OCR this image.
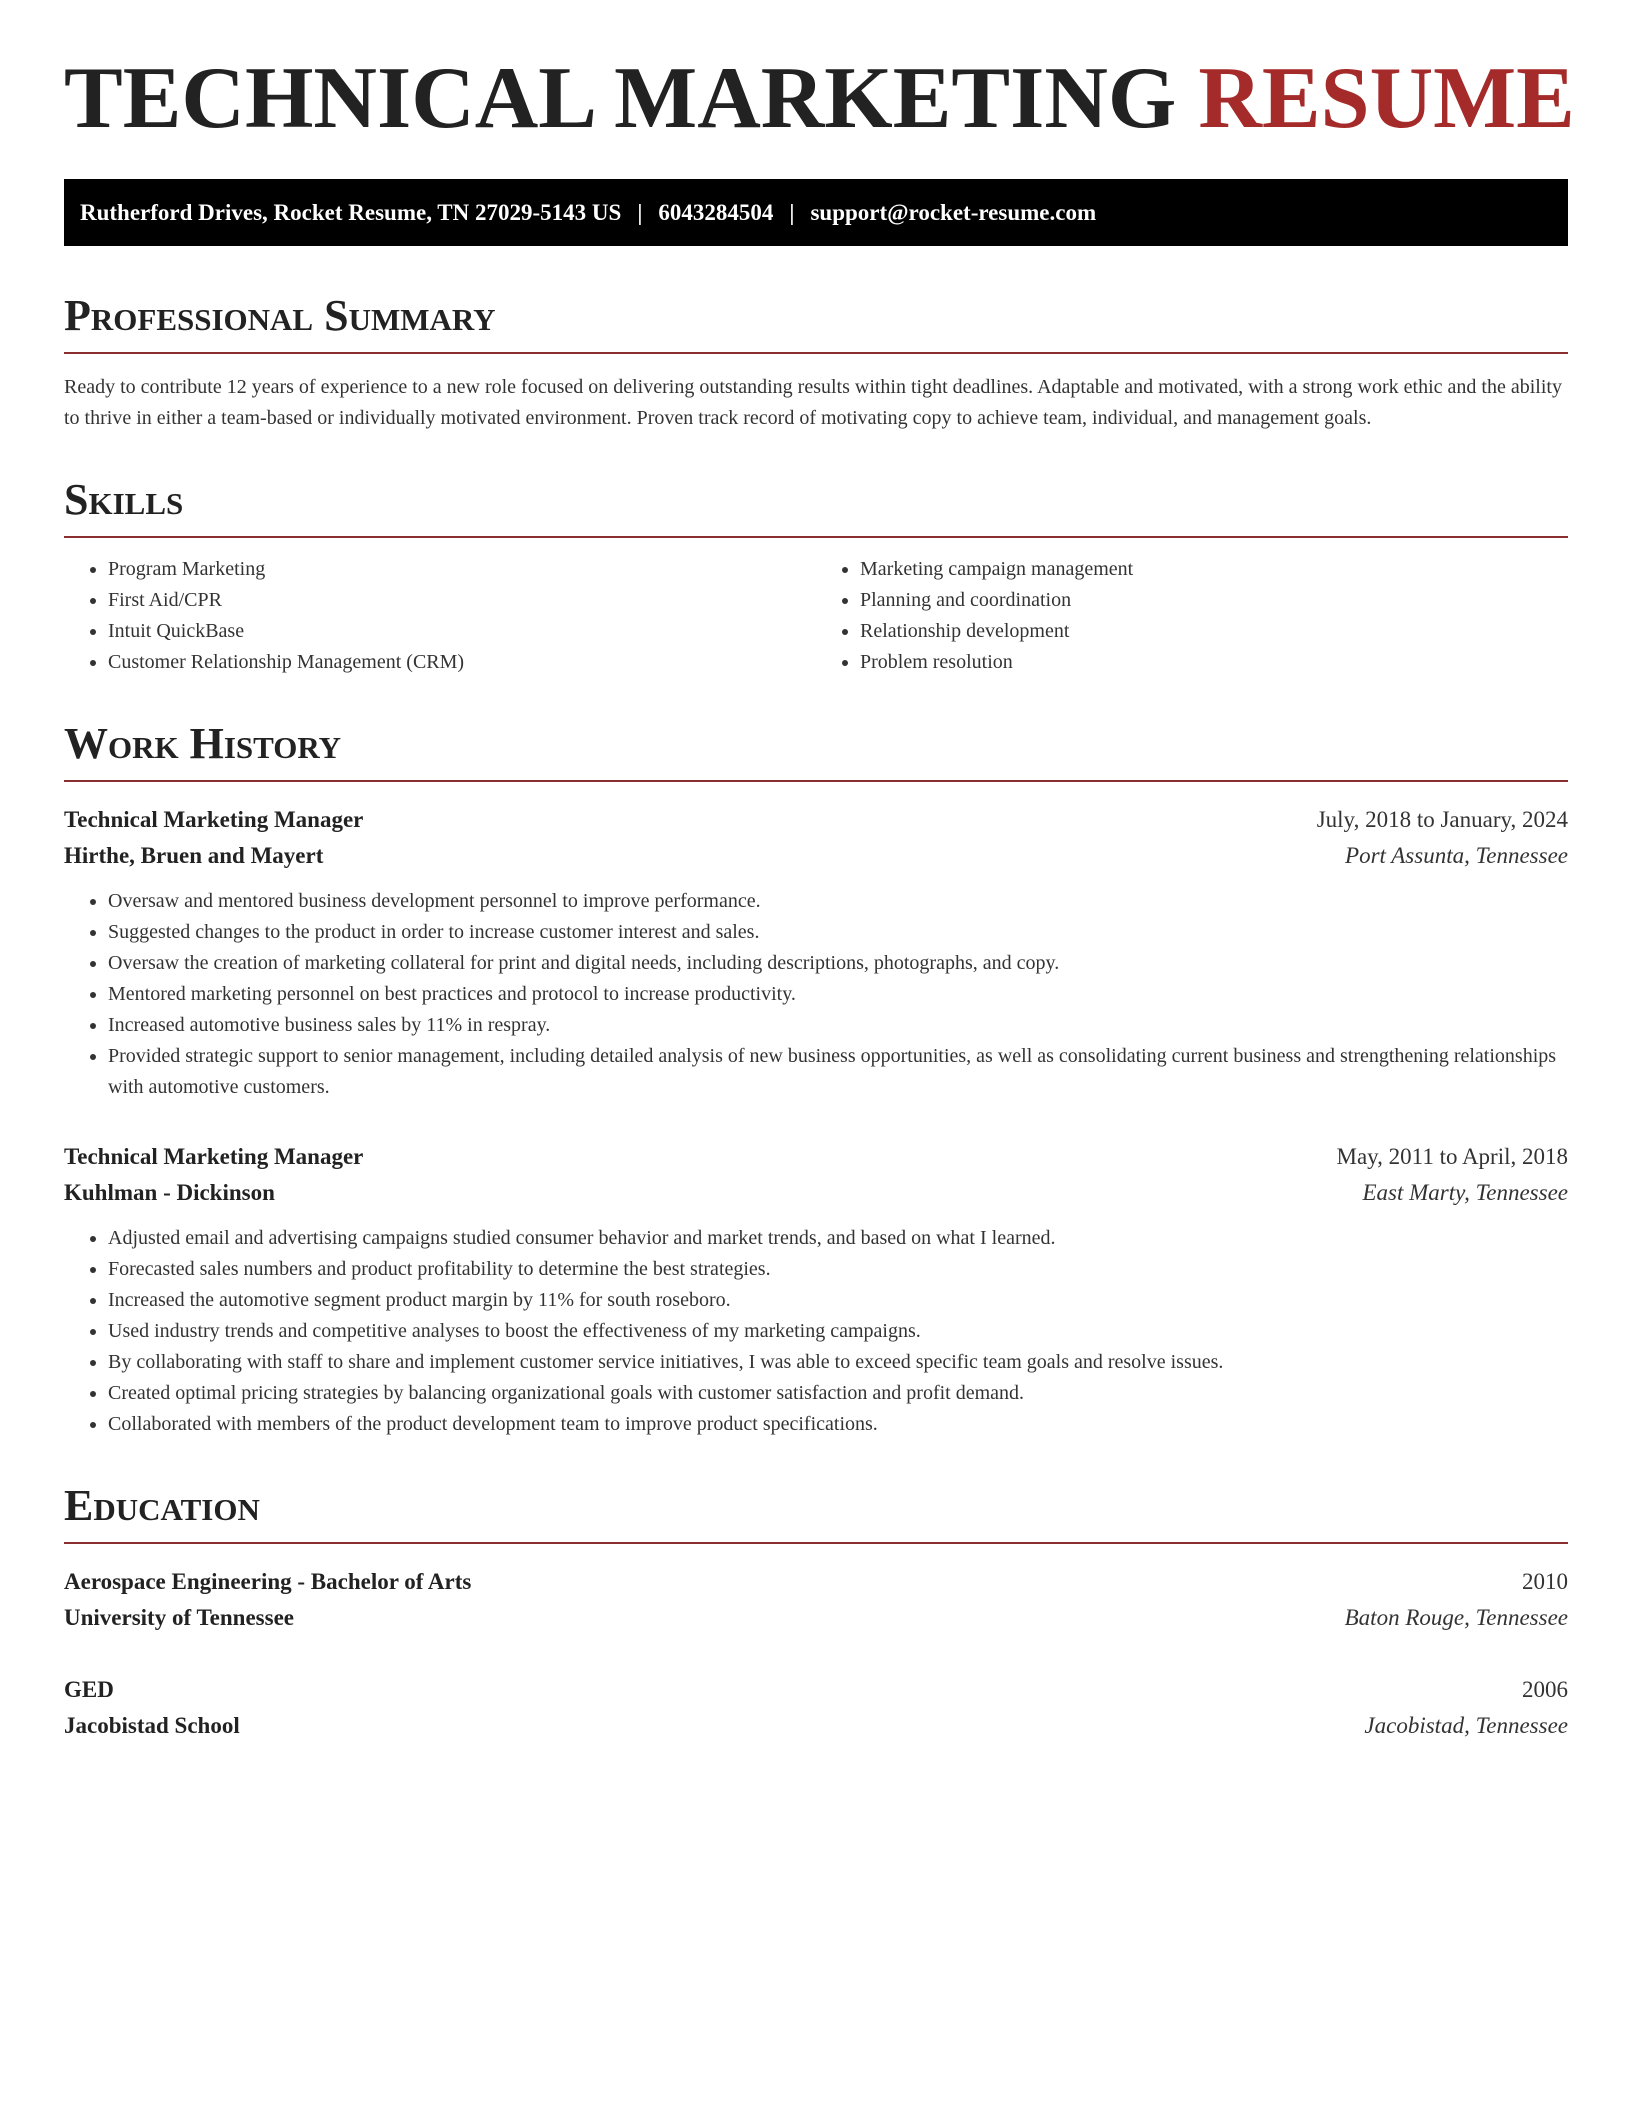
TECHNICAL MARKETING RESUME
Rutherford Drives, Rocket Resume, TN 27029-5143 US | 6043284504 | support@rocket-resume.com
Professional Summary

Ready to contribute 12 years of experience to a new role focused on delivering outstanding results within tight deadlines. Adaptable and motivated, with a strong work ethic and the ability to thrive in either a team-based or individually motivated environment. Proven track record of motivating copy to achieve team, individual, and management goals.

Skills
• Program Marketing
• First Aid/CPR
• Intuit QuickBase
• Customer Relationship Management (CRM)
• Marketing campaign management
• Planning and coordination
• Relationship development
• Problem resolution
Work History
Technical Marketing Manager	July, 2018 to January, 2024
Hirthe, Bruen and Mayert	Port Assunta, Tennessee
• Oversaw and mentored business development personnel to improve performance.
• Suggested changes to the product in order to increase customer interest and sales.
• Oversaw the creation of marketing collateral for print and digital needs, including descriptions, photographs, and copy.
• Mentored marketing personnel on best practices and protocol to increase productivity.
• Increased automotive business sales by 11% in respray.
• Provided strategic support to senior management, including detailed analysis of new business opportunities, as well as consolidating current business and strengthening relationships with automotive customers.
Technical Marketing Manager	May, 2011 to April, 2018
Kuhlman - Dickinson	East Marty, Tennessee
• Adjusted email and advertising campaigns studied consumer behavior and market trends, and based on what I learned.
• Forecasted sales numbers and product profitability to determine the best strategies.
• Increased the automotive segment product margin by 11% for south roseboro.
• Used industry trends and competitive analyses to boost the effectiveness of my marketing campaigns.
• By collaborating with staff to share and implement customer service initiatives, I was able to exceed specific team goals and resolve issues.
• Created optimal pricing strategies by balancing organizational goals with customer satisfaction and profit demand.
• Collaborated with members of the product development team to improve product specifications.
Education
Aerospace Engineering - Bachelor of Arts	2010
University of Tennessee	Baton Rouge, Tennessee
GED	2006
Jacobistad School	Jacobistad, Tennessee
